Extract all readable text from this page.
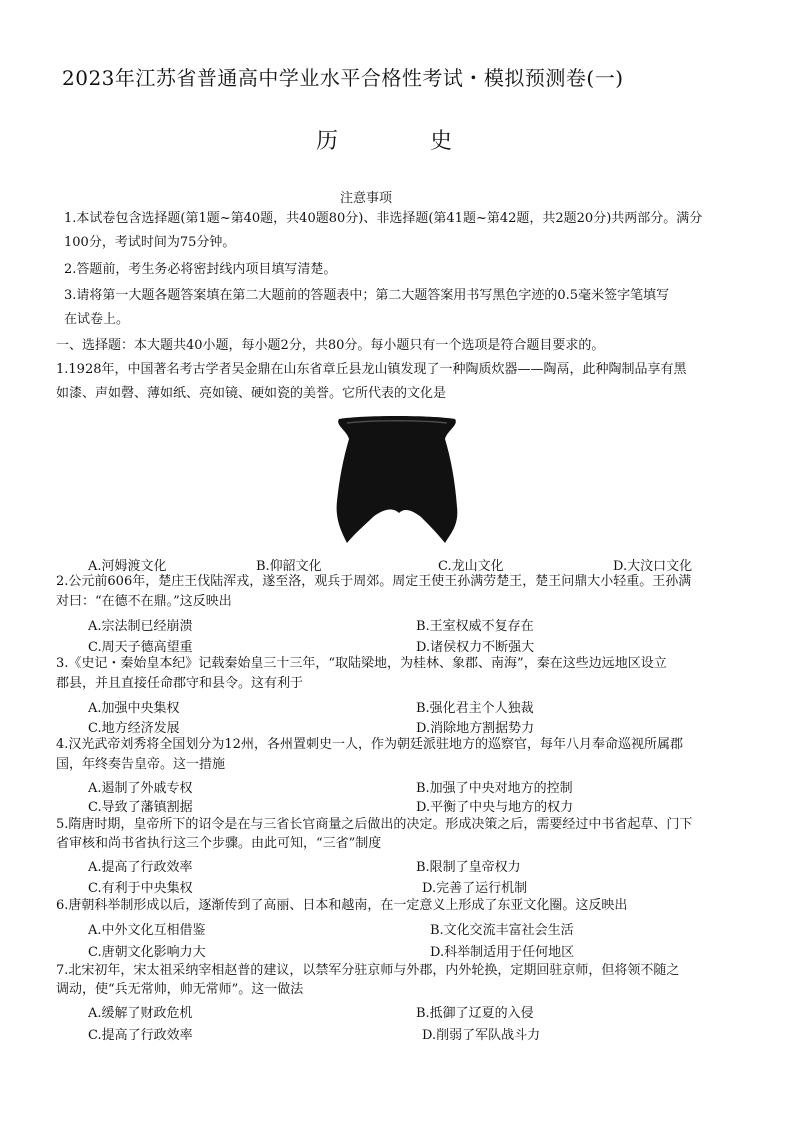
2023年江苏省普通高中学业水平合格性考试・模拟预测卷(一)
历	史
注意事项
1.本试卷包含选择题(第1题~第40题，共40题80分)、非选择题(第41题~第42题，共2题20分)共两部分。满分
100分，考试时间为75分钟。
2.答题前，考生务必将密封线内项目填写清楚。
3.请将第一大题各题答案填在第二大题前的答题表中；第二大题答案用书写黑色字迹的0.5毫米签字笔填写
在试卷上。
一、选择题：本大题共40小题，每小题2分，共80分。每小题只有一个选项是符合题目要求的。
1.1928年，中国著名考古学者吴金鼎在山东省章丘县龙山镇发现了一种陶质炊器——陶鬲，此种陶制品享有黑
如漆、声如磬、薄如纸、亮如镜、硬如瓷的美誉。它所代表的文化是
A.河姆渡文化	B.仰韶文化	C.龙山文化	D.大汶口文化
2.公元前606年，楚庄王伐陆浑戎，遂至洛，观兵于周郊。周定王使王孙满劳楚王，楚王问鼎大小轻重。王孙满
对曰：“在德不在鼎。”这反映出
A.宗法制已经崩溃	B.王室权威不复存在
C.周天子德高望重	D.诸侯权力不断强大
3.《史记・秦始皇本纪》记载秦始皇三十三年，“取陆梁地，为桂林、象郡、南海”，秦在这些边远地区设立
郡县，并且直接任命郡守和县令。这有利于
A.加强中央集权	B.强化君主个人独裁
C.地方经济发展	D.消除地方割据势力
4.汉光武帝刘秀将全国划分为12州，各州置刺史一人，作为朝廷派驻地方的巡察官，每年八月奉命巡视所属郡
国，年终奏告皇帝。这一措施
A.遏制了外戚专权	B.加强了中央对地方的控制
C.导致了藩镇割据	D.平衡了中央与地方的权力
5.隋唐时期，皇帝所下的诏令是在与三省长官商量之后做出的决定。形成决策之后，需要经过中书省起草、门下
省审核和尚书省执行这三个步骤。由此可知，“三省”制度
A.提高了行政效率	B.限制了皇帝权力
C.有利于中央集权	D.完善了运行机制
6.唐朝科举制形成以后，逐渐传到了高丽、日本和越南，在一定意义上形成了东亚文化圈。这反映出
A.中外文化互相借鉴	B.文化交流丰富社会生活
C.唐朝文化影响力大	D.科举制适用于任何地区
7.北宋初年，宋太祖采纳宰相赵普的建议，以禁军分驻京师与外郡，内外轮换，定期回驻京师，但将领不随之
调动，使“兵无常帅，帅无常师”。这一做法
A.缓解了财政危机	B.抵御了辽夏的入侵
C.提高了行政效率	D.削弱了军队战斗力
